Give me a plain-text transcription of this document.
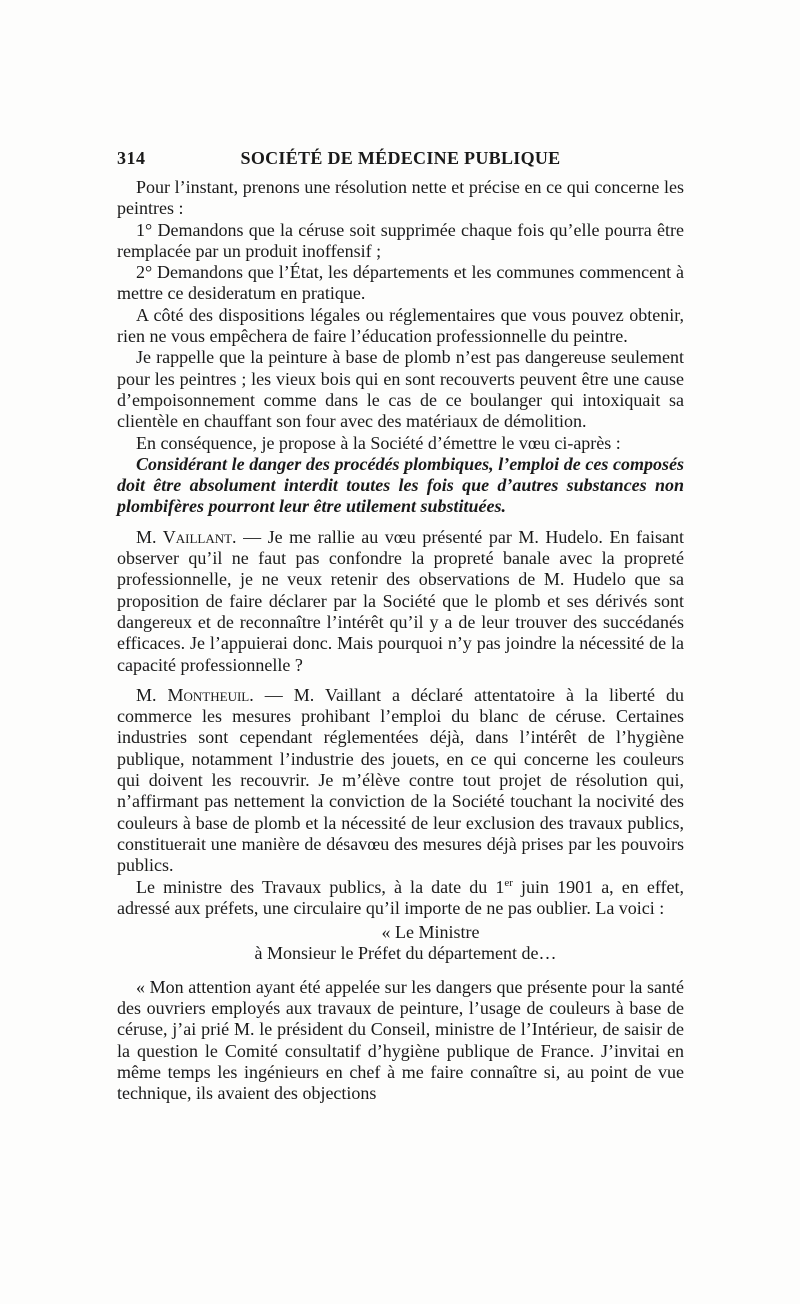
314	SOCIÉTÉ DE MÉDECINE PUBLIQUE

Pour l’instant, prenons une résolution nette et précise en ce qui concerne les peintres :

1° Demandons que la céruse soit supprimée chaque fois qu’elle pourra être remplacée par un produit inoffensif ;

2° Demandons que l’État, les départements et les communes commencent à mettre ce desideratum en pratique.

A côté des dispositions légales ou réglementaires que vous pouvez obtenir, rien ne vous empêchera de faire l’éducation professionnelle du peintre.

Je rappelle que la peinture à base de plomb n’est pas dangereuse seulement pour les peintres ; les vieux bois qui en sont recouverts peuvent être une cause d’empoisonnement comme dans le cas de ce boulanger qui intoxiquait sa clientèle en chauffant son four avec des matériaux de démolition.

En conséquence, je propose à la Société d’émettre le vœu ci-après :

Considérant le danger des procédés plombiques, l’emploi de ces composés doit être absolument interdit toutes les fois que d’autres substances non plombifères pourront leur être utilement substituées.

M. Vaillant. — Je me rallie au vœu présenté par M. Hudelo. En faisant observer qu’il ne faut pas confondre la propreté banale avec la propreté professionnelle, je ne veux retenir des observations de M. Hudelo que sa proposition de faire déclarer par la Société que le plomb et ses dérivés sont dangereux et de reconnaître l’intérêt qu’il y a de leur trouver des succédanés efficaces. Je l’appuierai donc. Mais pourquoi n’y pas joindre la nécessité de la capacité professionnelle ?

M. Montheuil. — M. Vaillant a déclaré attentatoire à la liberté du commerce les mesures prohibant l’emploi du blanc de céruse. Certaines industries sont cependant réglementées déjà, dans l’intérêt de l’hygiène publique, notamment l’industrie des jouets, en ce qui concerne les couleurs qui doivent les recouvrir. Je m’élève contre tout projet de résolution qui, n’affirmant pas nettement la conviction de la Société touchant la nocivité des couleurs à base de plomb et la nécessité de leur exclusion des travaux publics, constituerait une manière de désavœu des mesures déjà prises par les pouvoirs publics.

Le ministre des Travaux publics, à la date du 1er juin 1901 a, en effet, adressé aux préfets, une circulaire qu’il importe de ne pas oublier. La voici :

« Le Ministre

à Monsieur le Préfet du département de…

« Mon attention ayant été appelée sur les dangers que présente pour la santé des ouvriers employés aux travaux de peinture, l’usage de couleurs à base de céruse, j’ai prié M. le président du Conseil, ministre de l’Intérieur, de saisir de la question le Comité consultatif d’hygiène publique de France. J’invitai en même temps les ingénieurs en chef à me faire connaître si, au point de vue technique, ils avaient des objections
